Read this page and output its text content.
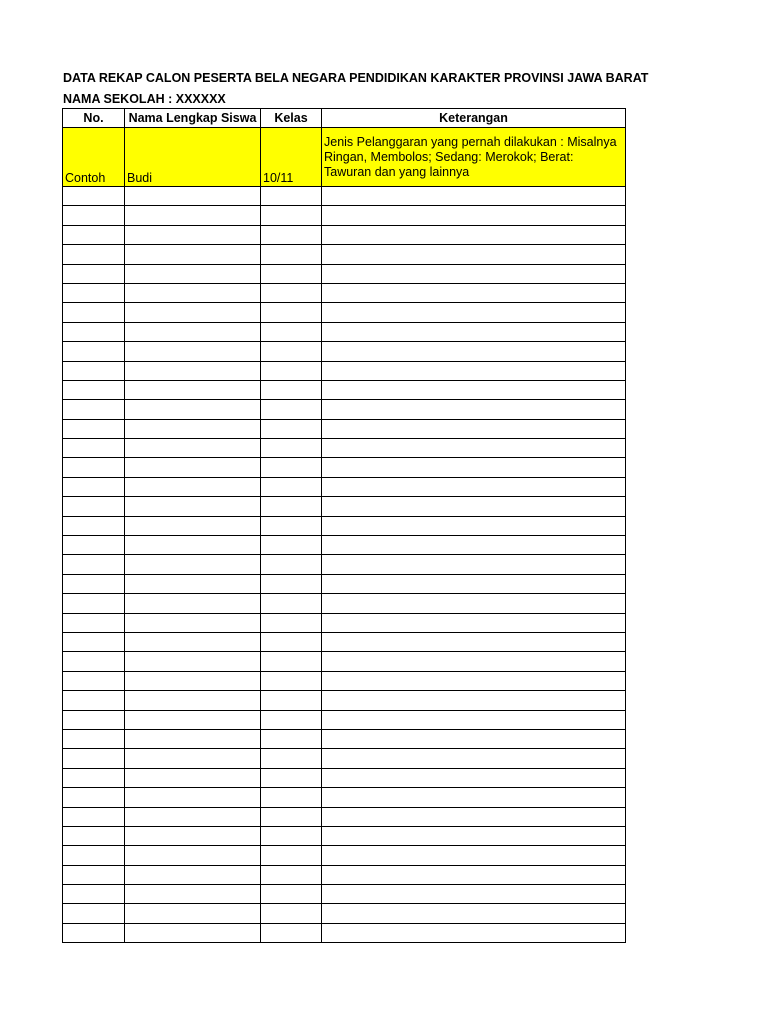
DATA REKAP CALON PESERTA BELA NEGARA PENDIDIKAN KARAKTER PROVINSI JAWA BARAT
NAMA SEKOLAH : XXXXXX
No.	Nama Lengkap Siswa	Kelas	Keterangan
Contoh	Budi	10/11	Jenis Pelanggaran yang pernah dilakukan : Misalnya Ringan, Membolos; Sedang: Merokok; Berat: Tawuran dan yang lainnya
